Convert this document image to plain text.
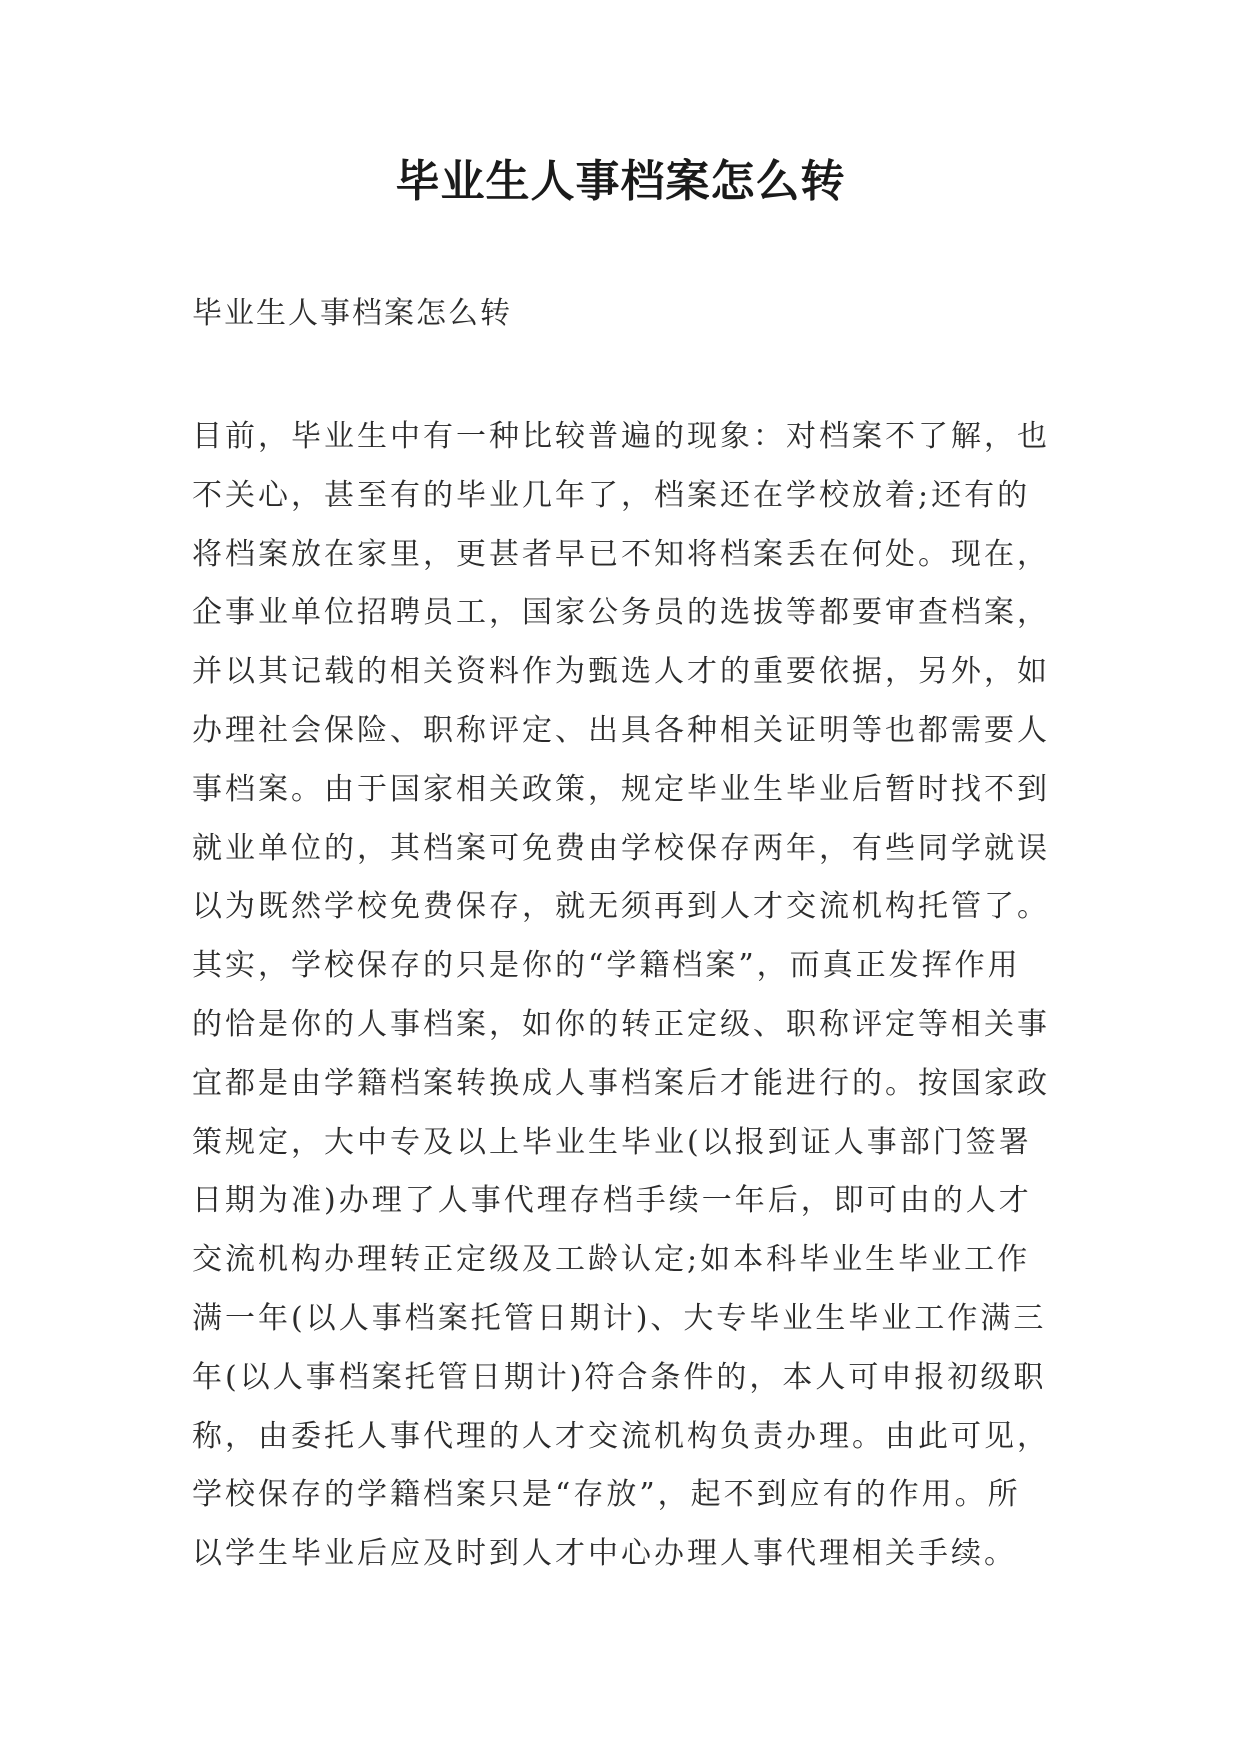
毕业生人事档案怎么转

毕业生人事档案怎么转

目前，毕业生中有一种比较普遍的现象：对档案不了解，也
不关心，甚至有的毕业几年了，档案还在学校放着;还有的
将档案放在家里，更甚者早已不知将档案丢在何处。现在，
企事业单位招聘员工，国家公务员的选拔等都要审查档案，
并以其记载的相关资料作为甄选人才的重要依据，另外，如
办理社会保险、职称评定、出具各种相关证明等也都需要人
事档案。由于国家相关政策，规定毕业生毕业后暂时找不到
就业单位的，其档案可免费由学校保存两年，有些同学就误
以为既然学校免费保存，就无须再到人才交流机构托管了。
其实，学校保存的只是你的“学籍档案”，而真正发挥作用
的恰是你的人事档案，如你的转正定级、职称评定等相关事
宜都是由学籍档案转换成人事档案后才能进行的。按国家政
策规定，大中专及以上毕业生毕业(以报到证人事部门签署
日期为准)办理了人事代理存档手续一年后，即可由的人才
交流机构办理转正定级及工龄认定;如本科毕业生毕业工作
满一年(以人事档案托管日期计)、大专毕业生毕业工作满三
年(以人事档案托管日期计)符合条件的，本人可申报初级职
称，由委托人事代理的人才交流机构负责办理。由此可见，
学校保存的学籍档案只是“存放”，起不到应有的作用。所
以学生毕业后应及时到人才中心办理人事代理相关手续。
